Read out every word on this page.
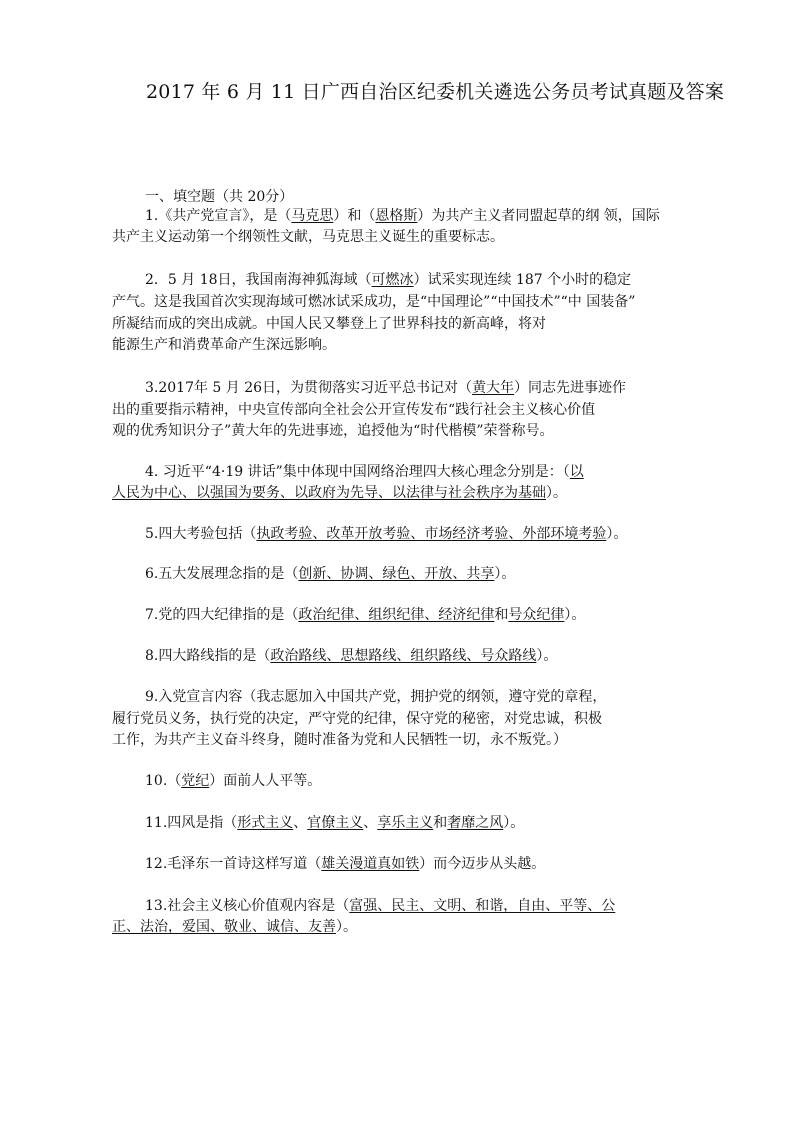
2017 年 6 月 11 日广西自治区纪委机关遴选公务员考试真题及答案
一、填空题（共 20分）
1.《共产党宣言》，是（马克思）和（恩格斯）为共产主义者同盟起草的纲 领，国际
共产主义运动第一个纲领性文献，马克思主义诞生的重要标志。
2．5 月 18日，我国南海神狐海域（可燃冰）试采实现连续 187 个小时的稳定
产气。这是我国首次实现海域可燃冰试采成功，是“中国理论”“中国技术”“中 国装备”
所凝结而成的突出成就。中国人民又攀登上了世界科技的新高峰，将对
能源生产和消费革命产生深远影响。
3.2017年 5 月 26日，为贯彻落实习近平总书记对（黄大年）同志先进事迹作
出的重要指示精神，中央宣传部向全社会公开宣传发布“践行社会主义核心价值
观的优秀知识分子”黄大年的先进事迹，追授他为“时代楷模”荣誉称号。
4. 习近平“4·19 讲话”集中体现中国网络治理四大核心理念分别是：（以
人民为中心、以强国为要务、以政府为先导、以法律与社会秩序为基础）。
5.四大考验包括（执政考验、改革开放考验、市场经济考验、外部环境考验）。
6.五大发展理念指的是（创新、协调、绿色、开放、共享）。
7.党的四大纪律指的是（政治纪律、组织纪律、经济纪律和号众纪律）。
8.四大路线指的是（政治路线、思想路线、组织路线、号众路线）。
9.入党宣言内容（我志愿加入中国共产党，拥护党的纲领，遵守党的章程，
履行党员义务，执行党的决定，严守党的纪律，保守党的秘密，对党忠诚，积极
工作，为共产主义奋斗终身，随时准备为党和人民牺牲一切，永不叛党。）
10.（党纪）面前人人平等。
11.四风是指（形式主义、官僚主义、享乐主义和奢靡之风）。
12.毛泽东一首诗这样写道（雄关漫道真如铁）而今迈步从头越。
13.社会主义核心价值观内容是（富强、民主、文明、和谐，自由、平等、公
正、法治，爱国、敬业、诚信、友善）。
